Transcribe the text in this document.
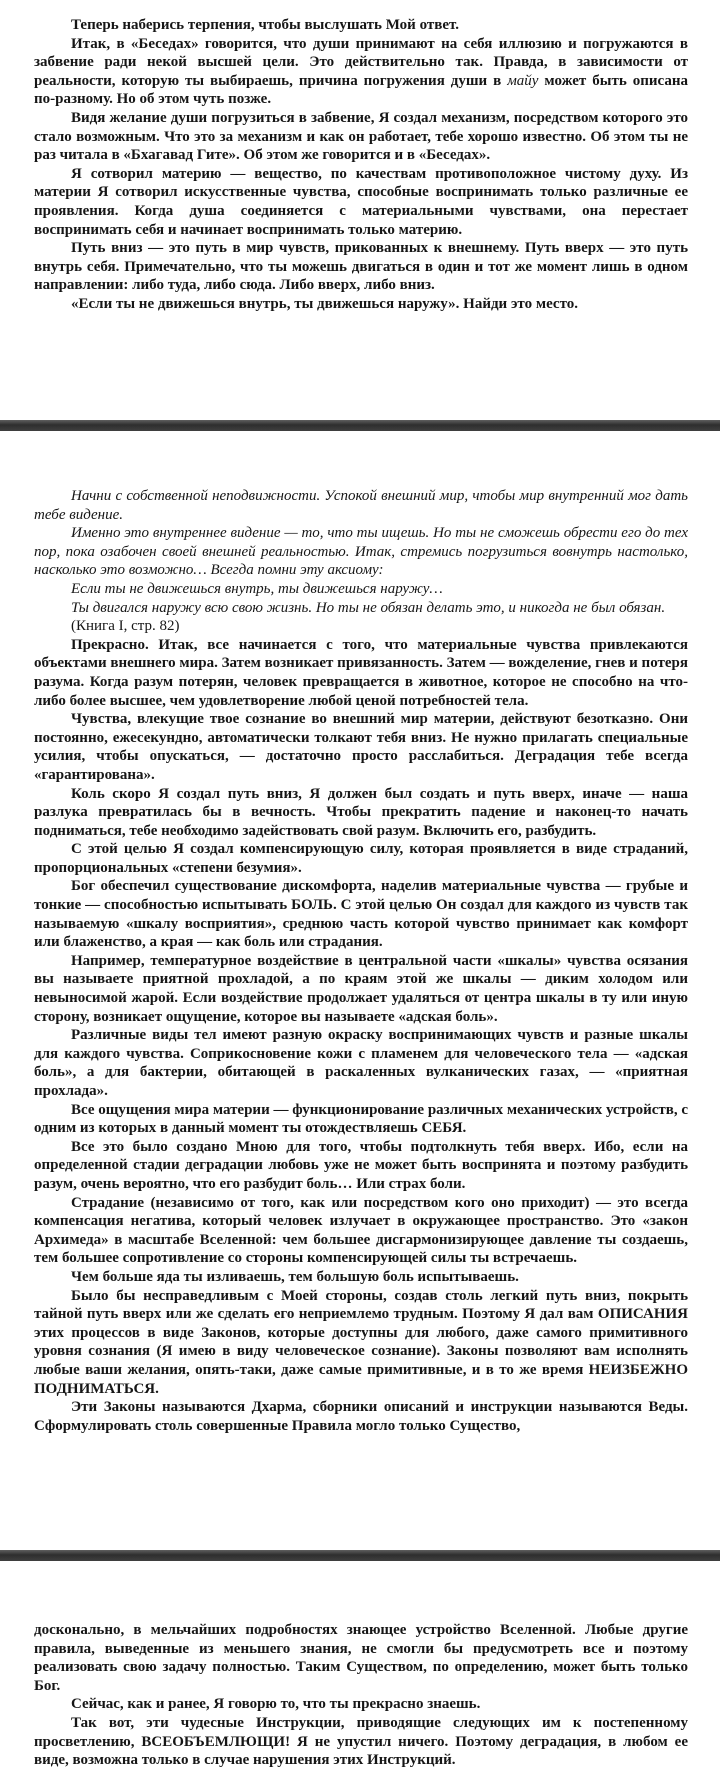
Теперь наберись терпения, чтобы выслушать Мой ответ.

Итак, в «Беседах» говорится, что души принимают на себя иллюзию и погружаются в забвение ради некой высшей цели. Это действительно так. Правда, в зависимости от реальности, которую ты выбираешь, причина погружения души в майу может быть описана по-разному. Но об этом чуть позже.

Видя желание души погрузиться в забвение, Я создал механизм, посредством которого это стало возможным. Что это за механизм и как он работает, тебе хорошо известно. Об этом ты не раз читала в «Бхагавад Гите». Об этом же говорится и в «Беседах».

Я сотворил материю — вещество, по качествам противоположное чистому духу. Из материи Я сотворил искусственные чувства, способные воспринимать только различные ее проявления. Когда душа соединяется с материальными чувствами, она перестает воспринимать себя и начинает воспринимать только материю.

Путь вниз — это путь в мир чувств, прикованных к внешнему. Путь вверх — это путь внутрь себя. Примечательно, что ты можешь двигаться в один и тот же момент лишь в одном направлении: либо туда, либо сюда. Либо вверх, либо вниз.

«Если ты не движешься внутрь, ты движешься наружу». Найди это место.

Начни с собственной неподвижности. Успокой внешний мир, чтобы мир внутренний мог дать тебе видение.

Именно это внутреннее видение — то, что ты ищешь. Но ты не сможешь обрести его до тех пор, пока озабочен своей внешней реальностью. Итак, стремись погрузиться вовнутрь настолько, насколько это возможно… Всегда помни эту аксиому:

Если ты не движешься внутрь, ты движешься наружу…

Ты двигался наружу всю свою жизнь. Но ты не обязан делать это, и никогда не был обязан.

(Книга I, стр. 82)

Прекрасно. Итак, все начинается с того, что материальные чувства привлекаются объектами внешнего мира. Затем возникает привязанность. Затем — вожделение, гнев и потеря разума. Когда разум потерян, человек превращается в животное, которое не способно на что-либо более высшее, чем удовлетворение любой ценой потребностей тела.

Чувства, влекущие твое сознание во внешний мир материи, действуют безотказно. Они постоянно, ежесекундно, автоматически толкают тебя вниз. Не нужно прилагать специальные усилия, чтобы опускаться, — достаточно просто расслабиться. Деградация тебе всегда «гарантирована».

Коль скоро Я создал путь вниз, Я должен был создать и путь вверх, иначе — наша разлука превратилась бы в вечность. Чтобы прекратить падение и наконец-то начать подниматься, тебе необходимо задействовать свой разум. Включить его, разбудить.

С этой целью Я создал компенсирующую силу, которая проявляется в виде страданий, пропорциональных «степени безумия».

Бог обеспечил существование дискомфорта, наделив материальные чувства — грубые и тонкие — способностью испытывать БОЛЬ. С этой целью Он создал для каждого из чувств так называемую «шкалу восприятия», среднюю часть которой чувство принимает как комфорт или блаженство, а края — как боль или страдания.

Например, температурное воздействие в центральной части «шкалы» чувства осязания вы называете приятной прохладой, а по краям этой же шкалы — диким холодом или невыносимой жарой. Если воздействие продолжает удаляться от центра шкалы в ту или иную сторону, возникает ощущение, которое вы называете «адская боль».

Различные виды тел имеют разную окраску воспринимающих чувств и разные шкалы для каждого чувства. Соприкосновение кожи с пламенем для человеческого тела — «адская боль», а для бактерии, обитающей в раскаленных вулканических газах, — «приятная прохлада».

Все ощущения мира материи — функционирование различных механических устройств, с одним из которых в данный момент ты отождествляешь СЕБЯ.

Все это было создано Мною для того, чтобы подтолкнуть тебя вверх. Ибо, если на определенной стадии деградации любовь уже не может быть воспринята и поэтому разбудить разум, очень вероятно, что его разбудит боль… Или страх боли.

Страдание (независимо от того, как или посредством кого оно приходит) — это всегда компенсация негатива, который человек излучает в окружающее пространство. Это «закон Архимеда» в масштабе Вселенной: чем большее дисгармонизирующее давление ты создаешь, тем большее сопротивление со стороны компенсирующей силы ты встречаешь.

Чем больше яда ты изливаешь, тем большую боль испытываешь.

Было бы несправедливым с Моей стороны, создав столь легкий путь вниз, покрыть тайной путь вверх или же сделать его неприемлемо трудным. Поэтому Я дал вам ОПИСАНИЯ этих процессов в виде Законов, которые доступны для любого, даже самого примитивного уровня сознания (Я имею в виду человеческое сознание). Законы позволяют вам исполнять любые ваши желания, опять-таки, даже самые примитивные, и в то же время НЕИЗБЕЖНО ПОДНИМАТЬСЯ.

Эти Законы называются Дхарма, сборники описаний и инструкции называются Веды. Сформулировать столь совершенные Правила могло только Существо,

досконально, в мельчайших подробностях знающее устройство Вселенной. Любые другие правила, выведенные из меньшего знания, не смогли бы предусмотреть все и поэтому реализовать свою задачу полностью. Таким Существом, по определению, может быть только Бог.

Сейчас, как и ранее, Я говорю то, что ты прекрасно знаешь.

Так вот, эти чудесные Инструкции, приводящие следующих им к постепенному просветлению, ВСЕОБЪЕМЛЮЩИ! Я не упустил ничего. Поэтому деградация, в любом ее виде, возможна только в случае нарушения этих Инструкций.
